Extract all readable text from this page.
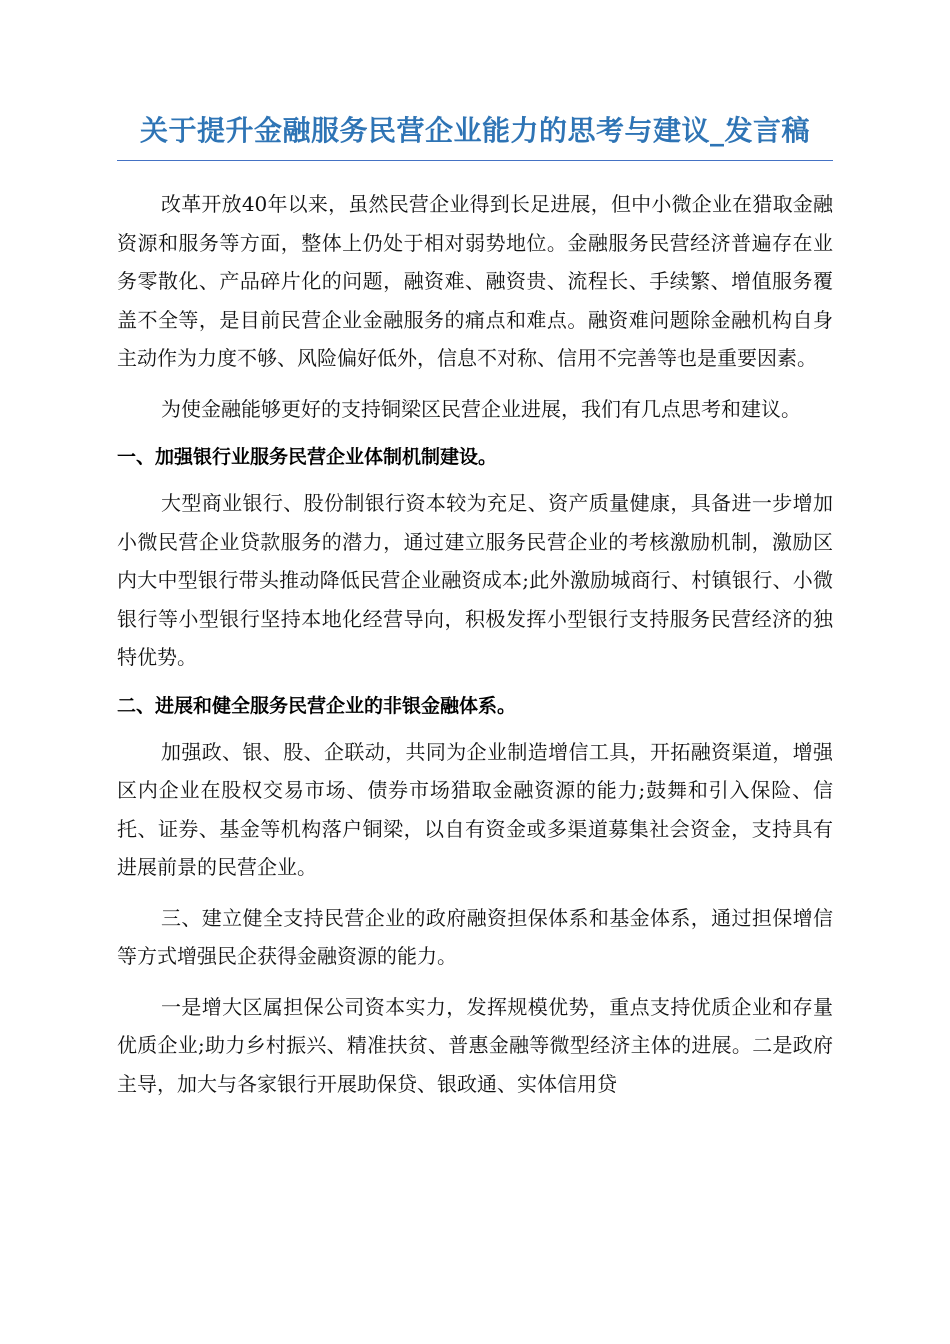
关于提升金融服务民营企业能力的思考与建议_发言稿

改革开放40年以来，虽然民营企业得到长足进展，但中小微企业在猎取金融资源和服务等方面，整体上仍处于相对弱势地位。金融服务民营经济普遍存在业务零散化、产品碎片化的问题，融资难、融资贵、流程长、手续繁、增值服务覆盖不全等，是目前民营企业金融服务的痛点和难点。融资难问题除金融机构自身主动作为力度不够、风险偏好低外，信息不对称、信用不完善等也是重要因素。

为使金融能够更好的支持铜梁区民营企业进展，我们有几点思考和建议。

一、加强银行业服务民营企业体制机制建设。

大型商业银行、股份制银行资本较为充足、资产质量健康，具备进一步增加小微民营企业贷款服务的潜力，通过建立服务民营企业的考核激励机制，激励区内大中型银行带头推动降低民营企业融资成本;此外激励城商行、村镇银行、小微银行等小型银行坚持本地化经营导向，积极发挥小型银行支持服务民营经济的独特优势。

二、进展和健全服务民营企业的非银金融体系。

加强政、银、股、企联动，共同为企业制造增信工具，开拓融资渠道，增强区内企业在股权交易市场、债券市场猎取金融资源的能力;鼓舞和引入保险、信托、证券、基金等机构落户铜梁，以自有资金或多渠道募集社会资金，支持具有进展前景的民营企业。

三、建立健全支持民营企业的政府融资担保体系和基金体系，通过担保增信等方式增强民企获得金融资源的能力。

一是增大区属担保公司资本实力，发挥规模优势，重点支持优质企业和存量优质企业;助力乡村振兴、精准扶贫、普惠金融等微型经济主体的进展。二是政府主导，加大与各家银行开展助保贷、银政通、实体信用贷
